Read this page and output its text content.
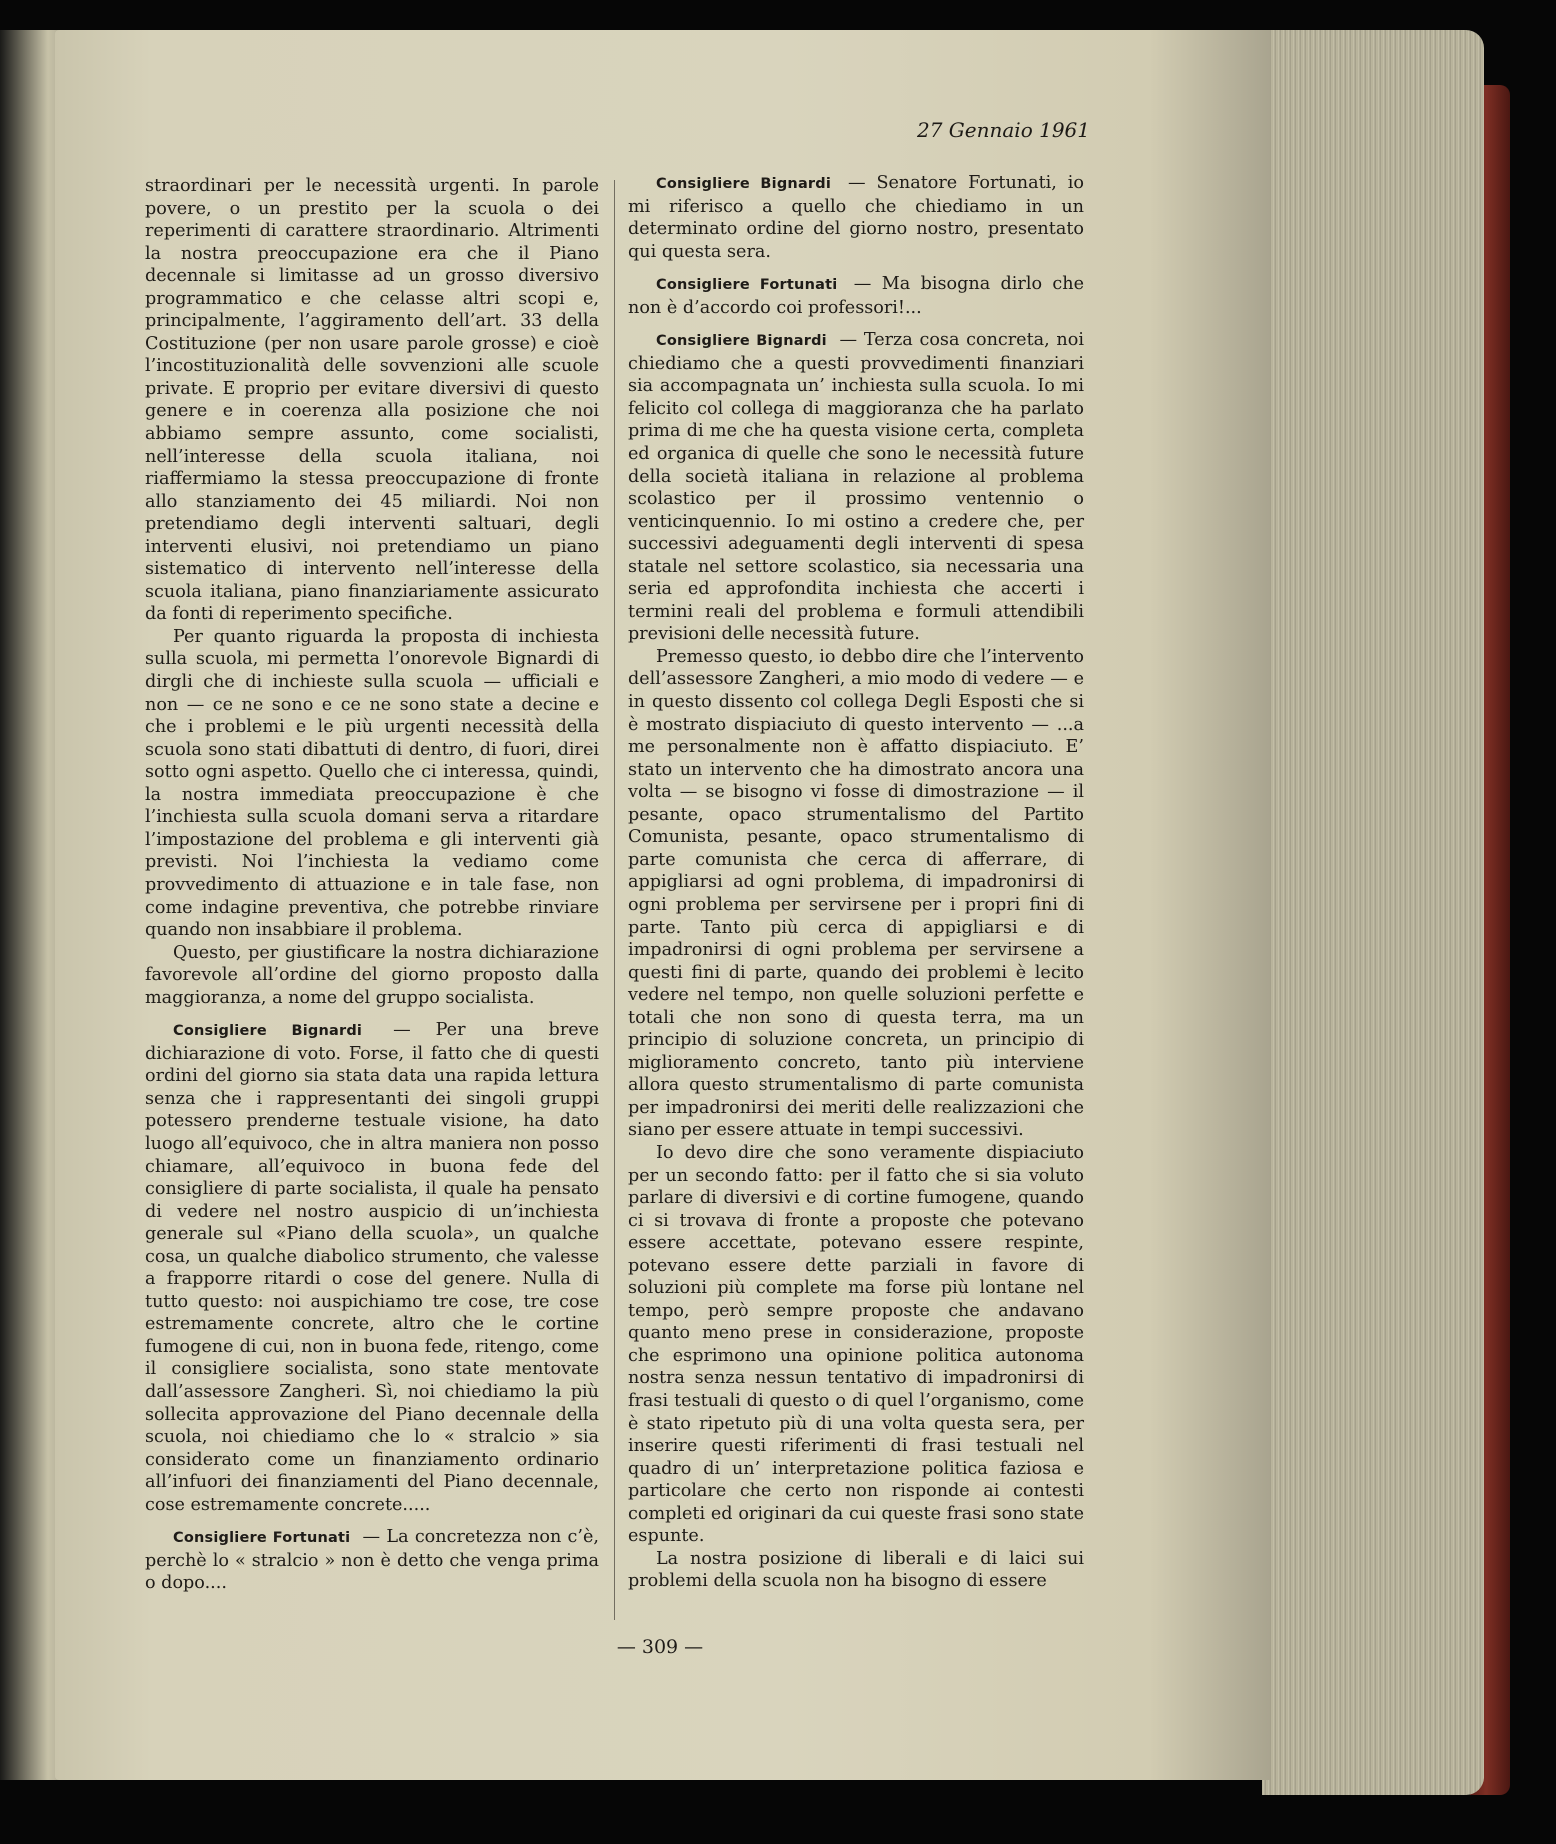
27 Gennaio 1961

straordinari per le necessità urgenti. In parole povere, o un prestito per la scuola o dei reperimenti di carattere straordinario. Altrimenti la nostra preoccupazione era che il Piano decennale si limitasse ad un grosso diversivo programmatico e che celasse altri scopi e, principalmente, l’aggiramento dell’art. 33 della Costituzione (per non usare parole grosse) e cioè l’incostituzionalità delle sovvenzioni alle scuole private. E proprio per evitare diversivi di questo genere e in coerenza alla posizione che noi abbiamo sempre assunto, come socialisti, nell’interesse della scuola italiana, noi riaffermiamo la stessa preoccupazione di fronte allo stanziamento dei 45 miliardi. Noi non pretendiamo degli interventi saltuari, degli interventi elusivi, noi pretendiamo un piano sistematico di intervento nell’interesse della scuola italiana, piano finanziariamente assicurato da fonti di reperimento specifiche.

Per quanto riguarda la proposta di inchiesta sulla scuola, mi permetta l’onorevole Bignardi di dirgli che di inchieste sulla scuola — ufficiali e non — ce ne sono e ce ne sono state a decine e che i problemi e le più urgenti necessità della scuola sono stati dibattuti di dentro, di fuori, direi sotto ogni aspetto. Quello che ci interessa, quindi, la nostra immediata preoccupazione è che l’inchiesta sulla scuola domani serva a ritardare l’impostazione del problema e gli interventi già previsti. Noi l’inchiesta la vediamo come provvedimento di attuazione e in tale fase, non come indagine preventiva, che potrebbe rinviare quando non insabbiare il problema.

Questo, per giustificare la nostra dichiarazione favorevole all’ordine del giorno proposto dalla maggioranza, a nome del gruppo socialista.

Consigliere Bignardi — Per una breve dichiarazione di voto. Forse, il fatto che di questi ordini del giorno sia stata data una rapida lettura senza che i rappresentanti dei singoli gruppi potessero prenderne testuale visione, ha dato luogo all’equivoco, che in altra maniera non posso chiamare, all’equivoco in buona fede del consigliere di parte socialista, il quale ha pensato di vedere nel nostro auspicio di un’inchiesta generale sul «Piano della scuola», un qualche cosa, un qualche diabolico strumento, che valesse a frapporre ritardi o cose del genere. Nulla di tutto questo: noi auspichiamo tre cose, tre cose estremamente concrete, altro che le cortine fumogene di cui, non in buona fede, ritengo, come il consigliere socialista, sono state mentovate dall’assessore Zangheri. Sì, noi chiediamo la più sollecita approvazione del Piano decennale della scuola, noi chiediamo che lo « stralcio » sia considerato come un finanziamento ordinario all’infuori dei finanziamenti del Piano decennale, cose estremamente concrete.....

Consigliere Fortunati — La concretezza non c’è, perchè lo « stralcio » non è detto che venga prima o dopo....

Consigliere Bignardi — Senatore Fortunati, io mi riferisco a quello che chiediamo in un determinato ordine del giorno nostro, presentato qui questa sera.

Consigliere Fortunati — Ma bisogna dirlo che non è d’accordo coi professori!...

Consigliere Bignardi — Terza cosa concreta, noi chiediamo che a questi provvedimenti finanziari sia accompagnata un’ inchiesta sulla scuola. Io mi felicito col collega di maggioranza che ha parlato prima di me che ha questa visione certa, completa ed organica di quelle che sono le necessità future della società italiana in relazione al problema scolastico per il prossimo ventennio o venticinquennio. Io mi ostino a credere che, per successivi adeguamenti degli interventi di spesa statale nel settore scolastico, sia necessaria una seria ed approfondita inchiesta che accerti i termini reali del problema e formuli attendibili previsioni delle necessità future.

Premesso questo, io debbo dire che l’intervento dell’assessore Zangheri, a mio modo di vedere — e in questo dissento col collega Degli Esposti che si è mostrato dispiaciuto di questo intervento — ...a me personalmente non è affatto dispiaciuto. E’ stato un intervento che ha dimostrato ancora una volta — se bisogno vi fosse di dimostrazione — il pesante, opaco strumentalismo del Partito Comunista, pesante, opaco strumentalismo di parte comunista che cerca di afferrare, di appigliarsi ad ogni problema, di impadronirsi di ogni problema per servirsene per i propri fini di parte. Tanto più cerca di appigliarsi e di impadronirsi di ogni problema per servirsene a questi fini di parte, quando dei problemi è lecito vedere nel tempo, non quelle soluzioni perfette e totali che non sono di questa terra, ma un principio di soluzione concreta, un principio di miglioramento concreto, tanto più interviene allora questo strumentalismo di parte comunista per impadronirsi dei meriti delle realizzazioni che siano per essere attuate in tempi successivi.

Io devo dire che sono veramente dispiaciuto per un secondo fatto: per il fatto che si sia voluto parlare di diversivi e di cortine fumogene, quando ci si trovava di fronte a proposte che potevano essere accettate, potevano essere respinte, potevano essere dette parziali in favore di soluzioni più complete ma forse più lontane nel tempo, però sempre proposte che andavano quanto meno prese in considerazione, proposte che esprimono una opinione politica autonoma nostra senza nessun tentativo di impadronirsi di frasi testuali di questo o di quel l’organismo, come è stato ripetuto più di una volta questa sera, per inserire questi riferimenti di frasi testuali nel quadro di un’ interpretazione politica faziosa e particolare che certo non risponde ai contesti completi ed originari da cui queste frasi sono state espunte.

La nostra posizione di liberali e di laici sui problemi della scuola non ha bisogno di essere

— 309 —
